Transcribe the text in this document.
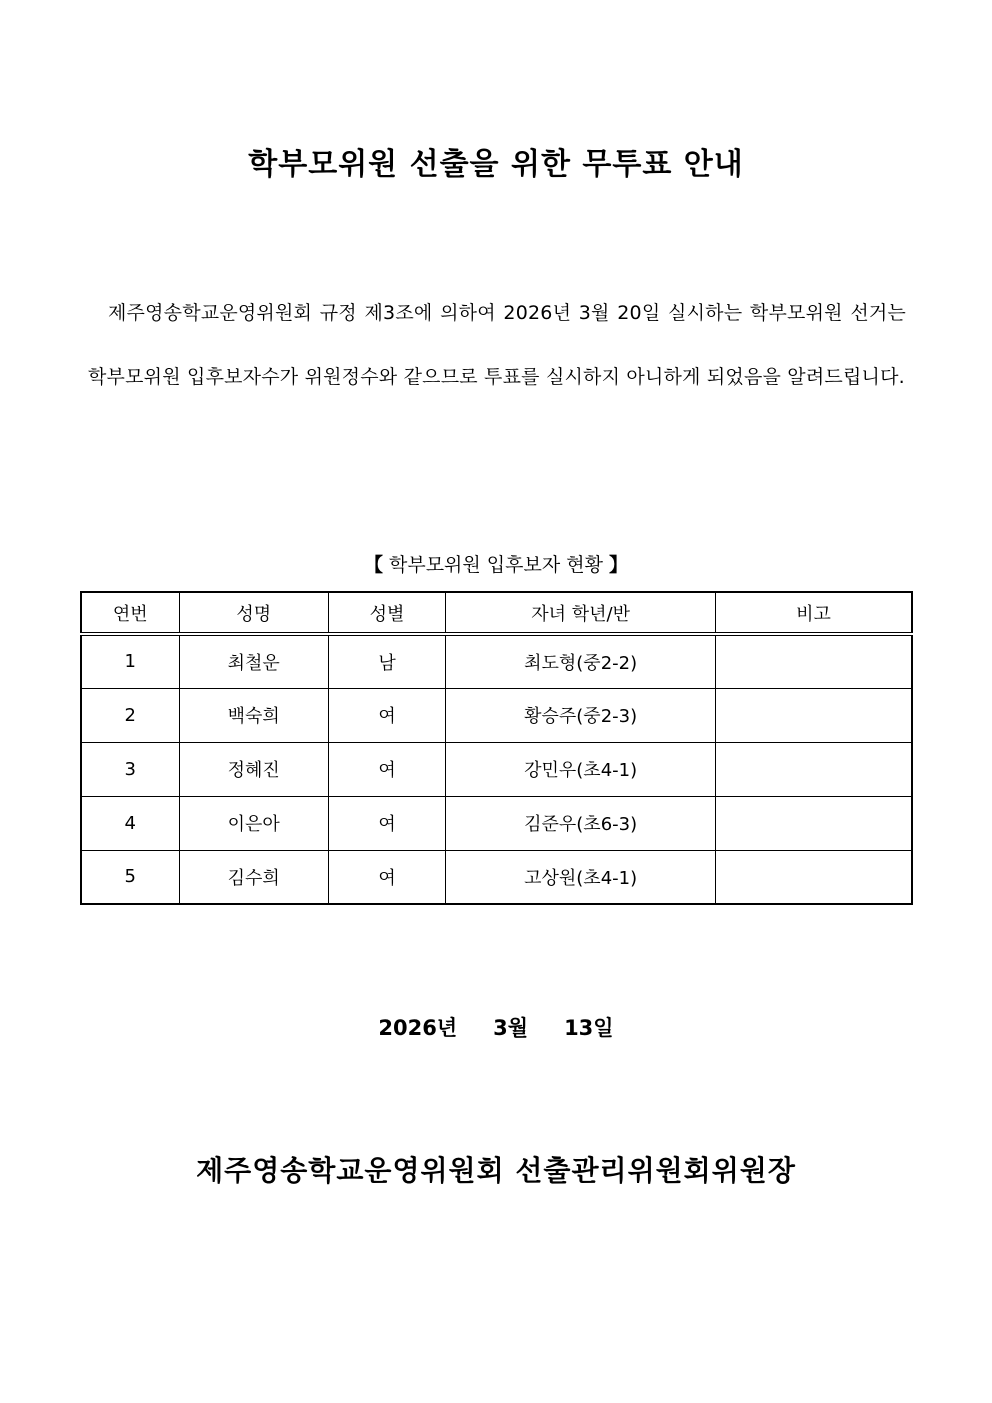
학부모위원 선출을 위한 무투표 안내
제주영송학교운영위원회 규정 제3조에 의하여 2026년 3월 20일 실시하는 학부모위원 선거는 학부모위원 입후보자수가 위원정수와 같으므로 투표를 실시하지 아니하게 되었음을 알려드립니다.
【 학부모위원 입후보자 현황 】
연번	성명	성별	자녀 학년/반	비고
1	최철운	남	최도형(중2-2)	
2	백숙희	여	황승주(중2-3)	
3	정혜진	여	강민우(초4-1)	
4	이은아	여	김준우(초6-3)	
5	김수희	여	고상원(초4-1)	
2026년 3월 13일
제주영송학교운영위원회 선출관리위원회위원장
